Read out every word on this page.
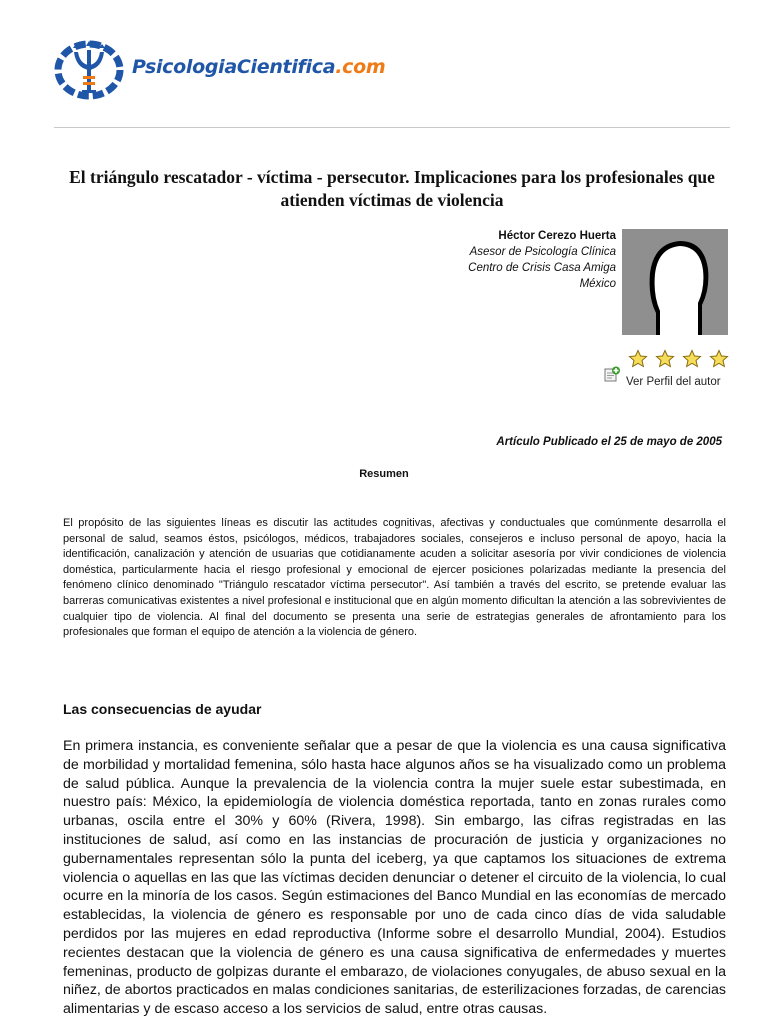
PsicologiaCientifica.com
El triángulo rescatador - víctima - persecutor. Implicaciones para los profesionales que atienden víctimas de violencia
Héctor Cerezo Huerta
Asesor de Psicología Clínica
Centro de Crisis Casa Amiga
México
Ver Perfil del autor
Artículo Publicado el 25 de mayo de 2005
Resumen

El propósito de las siguientes líneas es discutir las actitudes cognitivas, afectivas y conductuales que comúnmente desarrolla el personal de salud, seamos éstos, psicólogos, médicos, trabajadores sociales, consejeros e incluso personal de apoyo, hacia la identificación, canalización y atención de usuarias que cotidianamente acuden a solicitar asesoría por vivir condiciones de violencia doméstica, particularmente hacia el riesgo profesional y emocional de ejercer posiciones polarizadas mediante la presencia del fenómeno clínico denominado "Triángulo rescatador víctima persecutor". Así también a través del escrito, se pretende evaluar las barreras comunicativas existentes a nivel profesional e institucional que en algún momento dificultan la atención a las sobrevivientes de cualquier tipo de violencia. Al final del documento se presenta una serie de estrategias generales de afrontamiento para los profesionales que forman el equipo de atención a la violencia de género.

Las consecuencias de ayudar

En primera instancia, es conveniente señalar que a pesar de que la violencia es una causa significativa de morbilidad y mortalidad femenina, sólo hasta hace algunos años se ha visualizado como un problema de salud pública. Aunque la prevalencia de la violencia contra la mujer suele estar subestimada, en nuestro país: México, la epidemiología de violencia doméstica reportada, tanto en zonas rurales como urbanas, oscila entre el 30% y 60% (Rivera, 1998). Sin embargo, las cifras registradas en las instituciones de salud, así como en las instancias de procuración de justicia y organizaciones no gubernamentales representan sólo la punta del iceberg, ya que captamos los situaciones de extrema violencia o aquellas en las que las víctimas deciden denunciar o detener el circuito de la violencia, lo cual ocurre en la minoría de los casos. Según estimaciones del Banco Mundial en las economías de mercado establecidas, la violencia de género es responsable por uno de cada cinco días de vida saludable perdidos por las mujeres en edad reproductiva (Informe sobre el desarrollo Mundial, 2004). Estudios recientes destacan que la violencia de género es una causa significativa de enfermedades y muertes femeninas, producto de golpizas durante el embarazo, de violaciones conyugales, de abuso sexual en la niñez, de abortos practicados en malas condiciones sanitarias, de esterilizaciones forzadas, de carencias alimentarias y de escaso acceso a los servicios de salud, entre otras causas.
